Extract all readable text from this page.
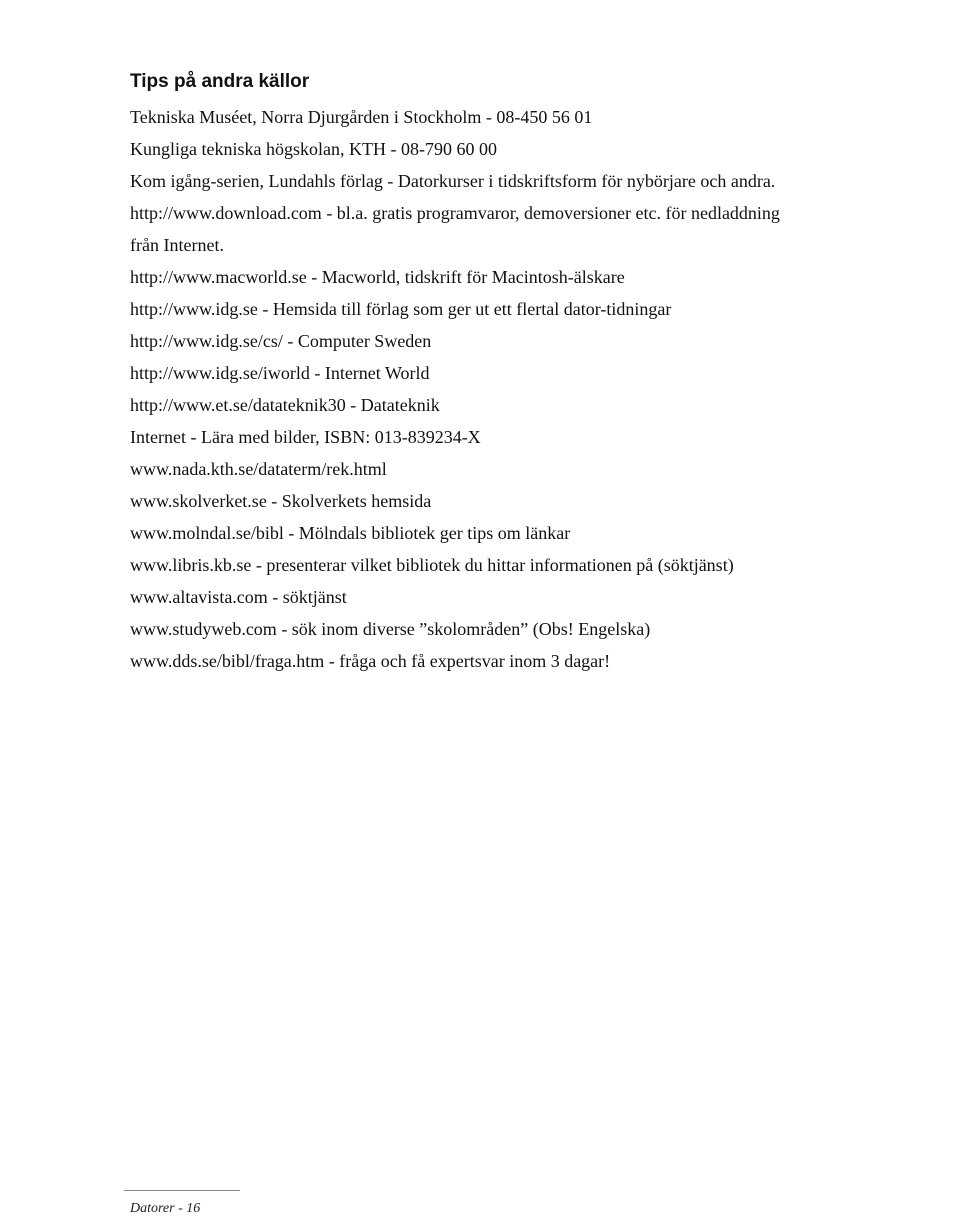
Tips på andra källor
Tekniska Muséet, Norra Djurgården i Stockholm - 08-450 56 01
Kungliga tekniska högskolan, KTH - 08-790 60 00
Kom igång-serien, Lundahls förlag - Datorkurser i tidskriftsform för nybörjare och andra.
http://www.download.com - bl.a. gratis programvaror, demoversioner etc. för nedladdning från Internet.
http://www.macworld.se - Macworld, tidskrift för Macintosh-älskare
http://www.idg.se - Hemsida till förlag som ger ut ett flertal dator-tidningar
http://www.idg.se/cs/ - Computer Sweden
http://www.idg.se/iworld - Internet World
http://www.et.se/datateknik30 - Datateknik
Internet - Lära med bilder, ISBN: 013-839234-X
www.nada.kth.se/dataterm/rek.html
www.skolverket.se - Skolverkets hemsida
www.molndal.se/bibl - Mölndals bibliotek ger tips om länkar
www.libris.kb.se - presenterar vilket bibliotek du hittar informationen på (söktjänst)
www.altavista.com - söktjänst
www.studyweb.com - sök inom diverse ”skolområden” (Obs! Engelska)
www.dds.se/bibl/fraga.htm - fråga och få expertsvar inom 3 dagar!
Datorer - 16
